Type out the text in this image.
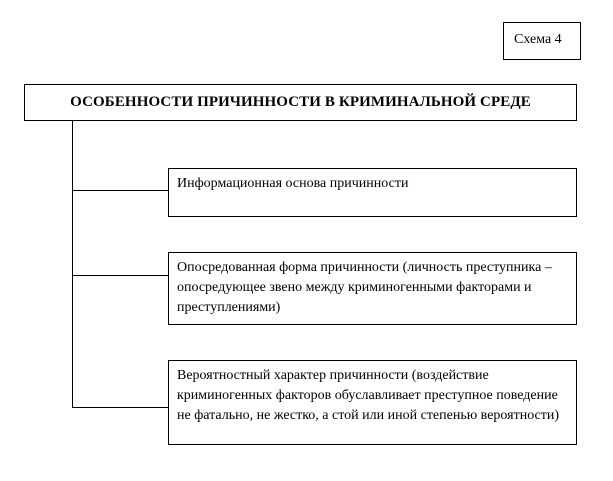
Схема 4
ОСОБЕННОСТИ ПРИЧИННОСТИ В КРИМИНАЛЬНОЙ СРЕДЕ
Информационная основа причинности
Опосредованная форма причинности (личность преступника – опосредующее звено между криминогенными факторами и преступлениями)
Вероятностный характер причинности (воздействие криминогенных факторов обуславливает преступное поведение не фатально, не жестко, а стой или иной степенью вероятности)
